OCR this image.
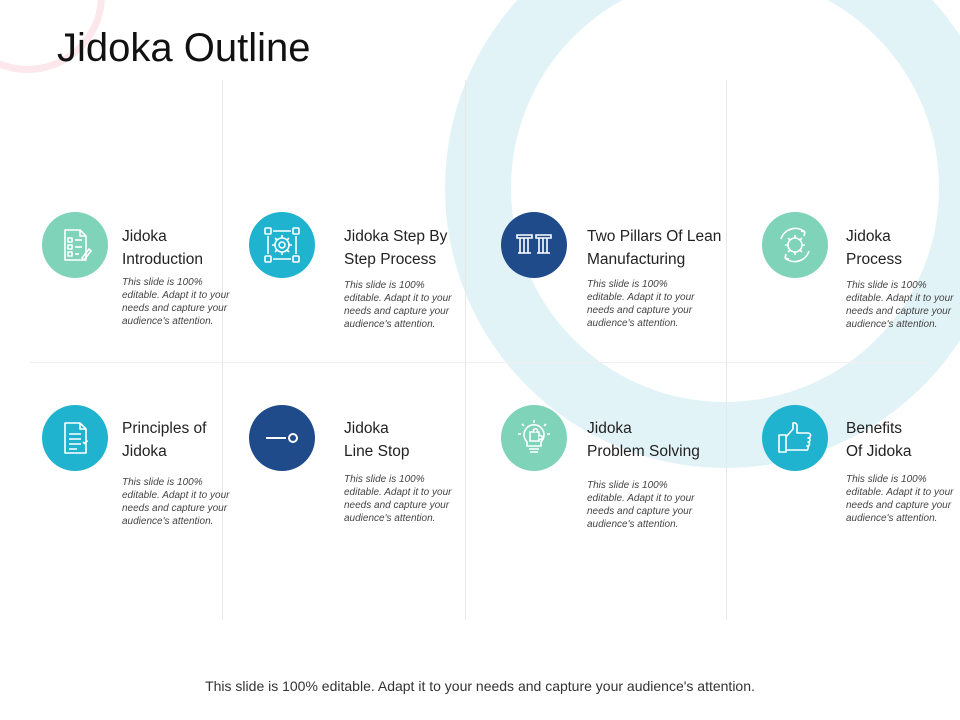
Jidoka Outline
Jidoka
Introduction
This slide is 100% editable. Adapt it to your needs and capture your audience's attention.
Jidoka Step By
Step Process
This slide is 100% editable. Adapt it to your needs and capture your audience's attention.
Two Pillars Of Lean
Manufacturing
This slide is 100% editable. Adapt it to your needs and capture your audience's attention.
Jidoka
Process
This slide is 100% editable. Adapt it to your needs and capture your audience's attention.
Principles of
Jidoka
This slide is 100% editable. Adapt it to your needs and capture your audience's attention.
Jidoka
Line Stop
This slide is 100% editable. Adapt it to your needs and capture your audience's attention.
Jidoka
Problem Solving
This slide is 100% editable. Adapt it to your needs and capture your audience's attention.
Benefits
Of Jidoka
This slide is 100% editable. Adapt it to your needs and capture your audience's attention.
This slide is 100% editable. Adapt it to your needs and capture your audience's attention.
